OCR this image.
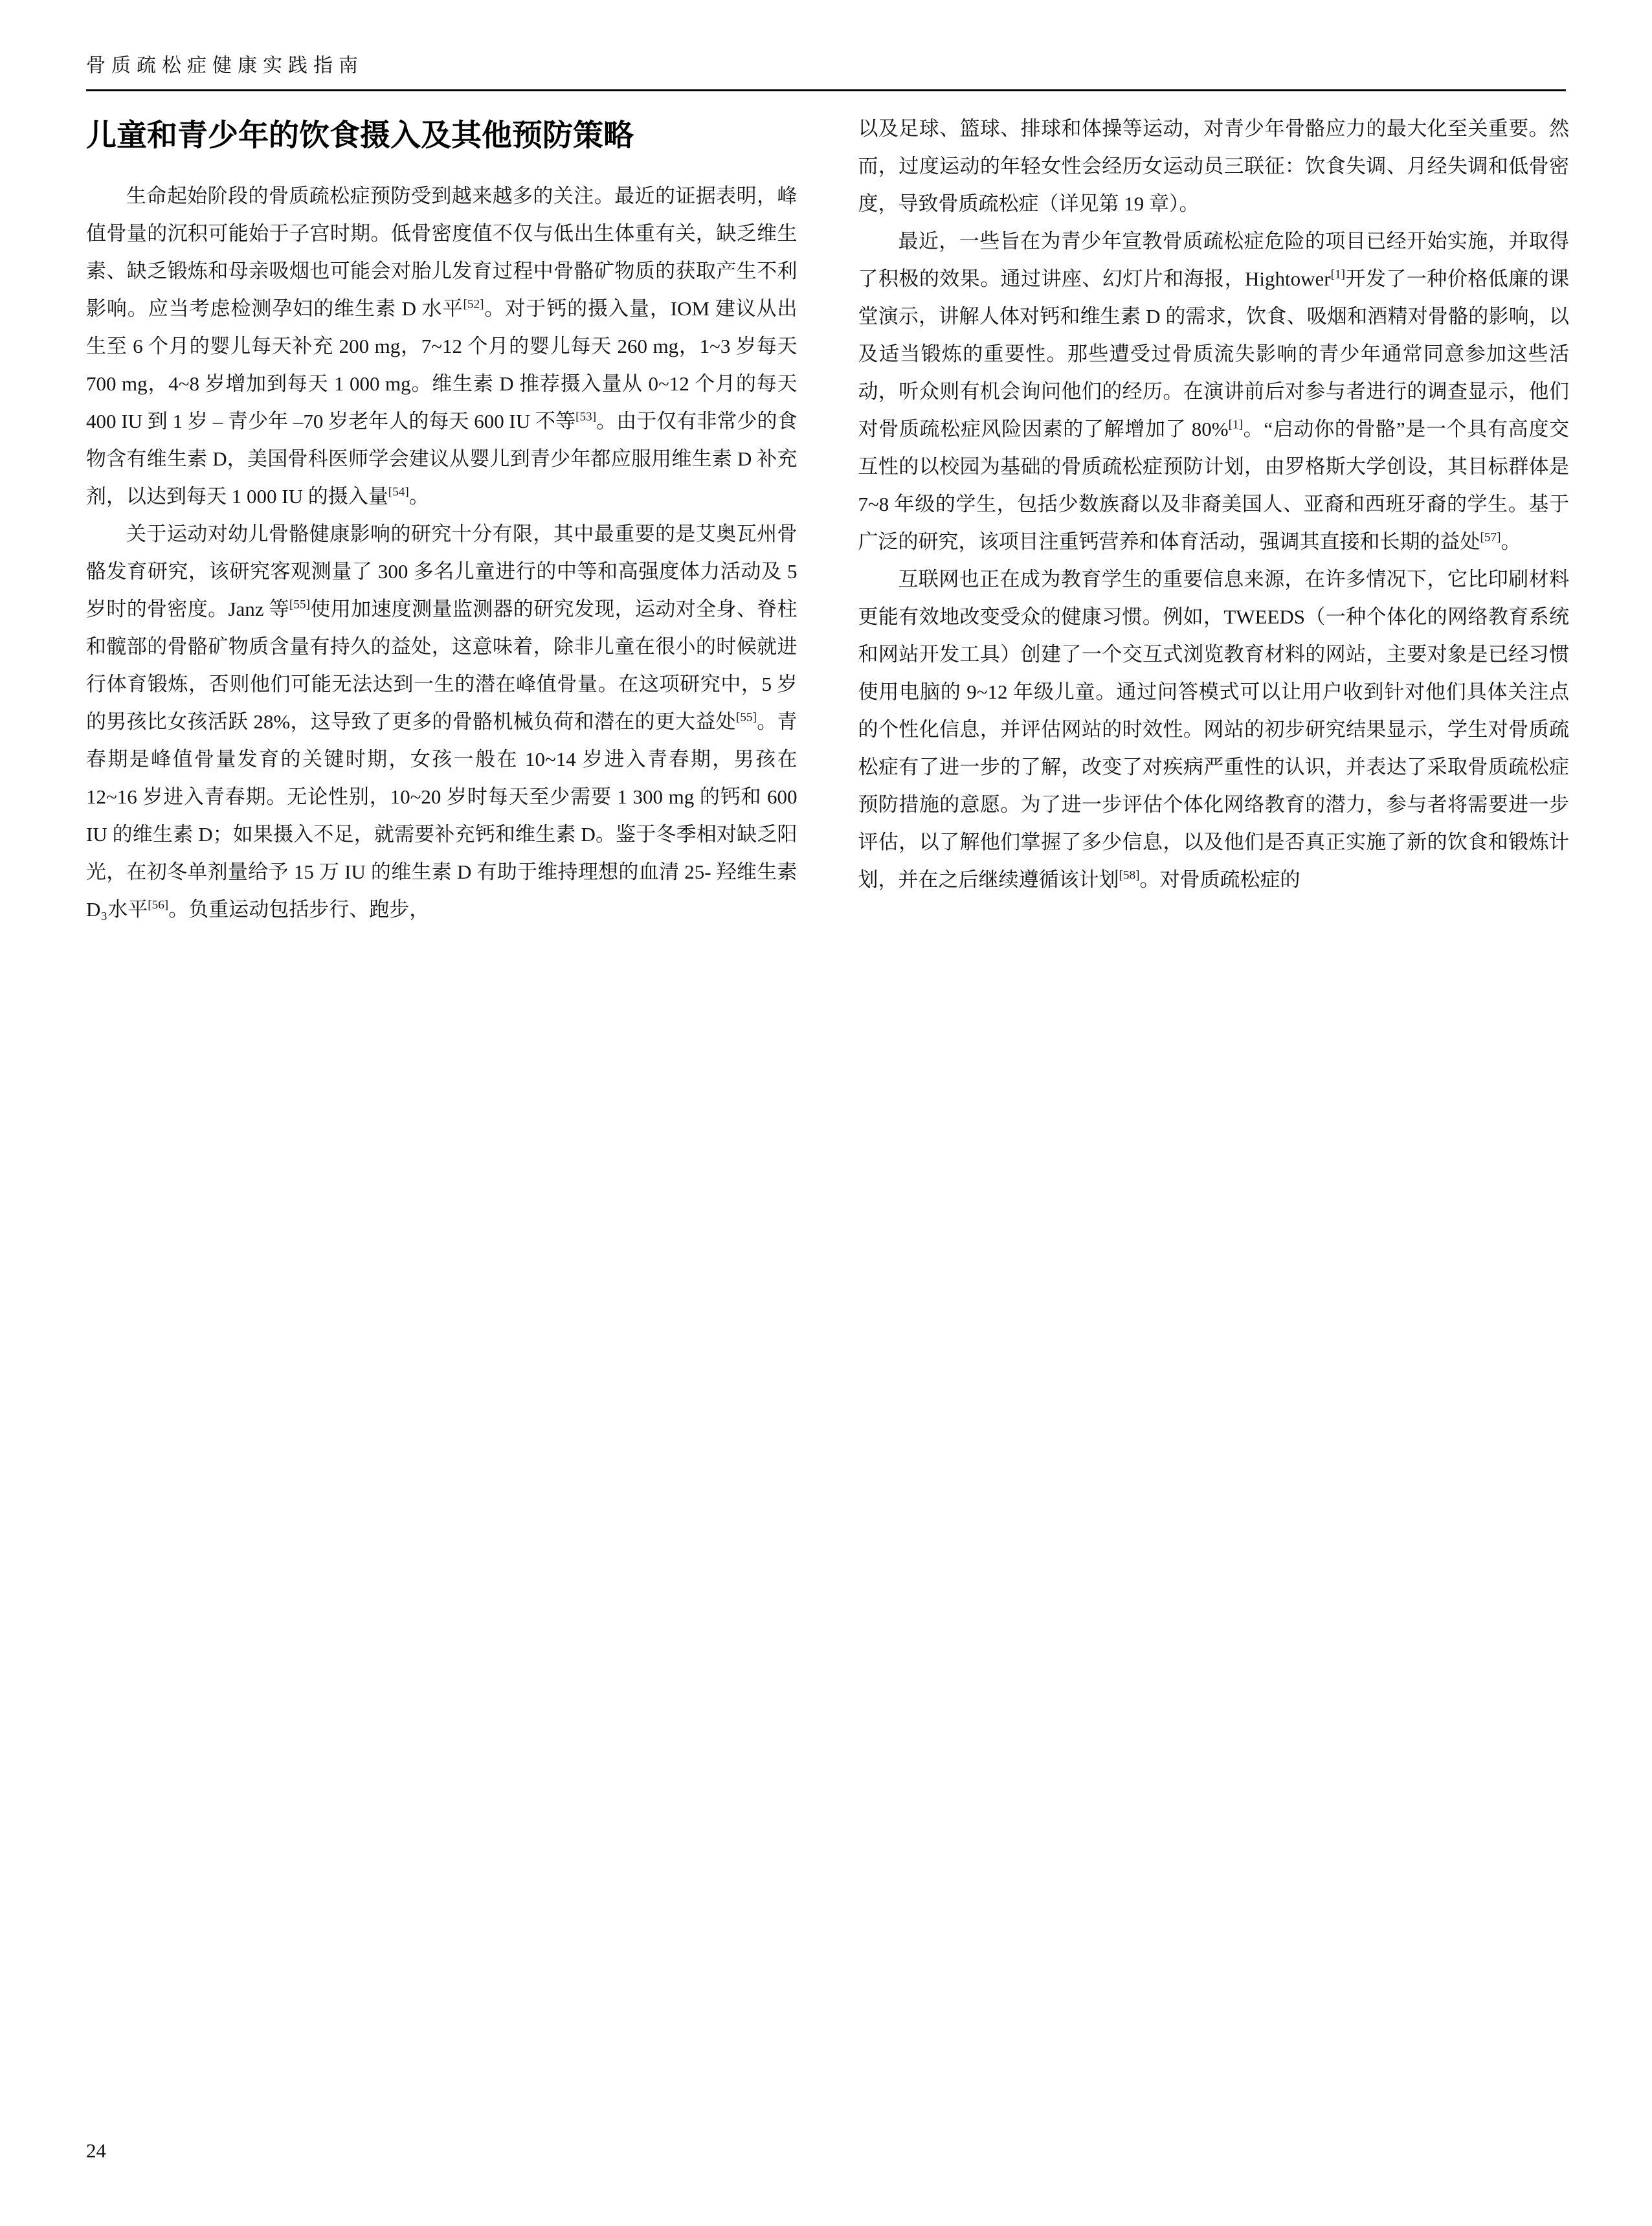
骨质疏松症健康实践指南
儿童和青少年的饮食摄入及其他预防策略

生命起始阶段的骨质疏松症预防受到越来越多的关注。最近的证据表明，峰值骨量的沉积可能始于子宫时期。低骨密度值不仅与低出生体重有关，缺乏维生素、缺乏锻炼和母亲吸烟也可能会对胎儿发育过程中骨骼矿物质的获取产生不利影响。应当考虑检测孕妇的维生素 D 水平[52]。对于钙的摄入量，IOM 建议从出生至 6 个月的婴儿每天补充 200 mg，7~12 个月的婴儿每天 260 mg，1~3 岁每天 700 mg，4~8 岁增加到每天 1 000 mg。维生素 D 推荐摄入量从 0~12 个月的每天 400 IU 到 1 岁 – 青少年 –70 岁老年人的每天 600 IU 不等[53]。由于仅有非常少的食物含有维生素 D，美国骨科医师学会建议从婴儿到青少年都应服用维生素 D 补充剂，以达到每天 1 000 IU 的摄入量[54]。

关于运动对幼儿骨骼健康影响的研究十分有限，其中最重要的是艾奥瓦州骨骼发育研究，该研究客观测量了 300 多名儿童进行的中等和高强度体力活动及 5 岁时的骨密度。Janz 等[55]使用加速度测量监测器的研究发现，运动对全身、脊柱和髋部的骨骼矿物质含量有持久的益处，这意味着，除非儿童在很小的时候就进行体育锻炼，否则他们可能无法达到一生的潜在峰值骨量。在这项研究中，5 岁的男孩比女孩活跃 28%，这导致了更多的骨骼机械负荷和潜在的更大益处[55]。青春期是峰值骨量发育的关键时期，女孩一般在 10~14 岁进入青春期，男孩在 12~16 岁进入青春期。无论性别，10~20 岁时每天至少需要 1 300 mg 的钙和 600 IU 的维生素 D；如果摄入不足，就需要补充钙和维生素 D。鉴于冬季相对缺乏阳光，在初冬单剂量给予 15 万 IU 的维生素 D 有助于维持理想的血清 25- 羟维生素 D₃水平[56]。负重运动包括步行、跑步，

以及足球、篮球、排球和体操等运动，对青少年骨骼应力的最大化至关重要。然而，过度运动的年轻女性会经历女运动员三联征：饮食失调、月经失调和低骨密度，导致骨质疏松症（详见第 19 章）。

最近，一些旨在为青少年宣教骨质疏松症危险的项目已经开始实施，并取得了积极的效果。通过讲座、幻灯片和海报，Hightower[1]开发了一种价格低廉的课堂演示，讲解人体对钙和维生素 D 的需求，饮食、吸烟和酒精对骨骼的影响，以及适当锻炼的重要性。那些遭受过骨质流失影响的青少年通常同意参加这些活动，听众则有机会询问他们的经历。在演讲前后对参与者进行的调查显示，他们对骨质疏松症风险因素的了解增加了 80%[1]。“启动你的骨骼”是一个具有高度交互性的以校园为基础的骨质疏松症预防计划，由罗格斯大学创设，其目标群体是 7~8 年级的学生，包括少数族裔以及非裔美国人、亚裔和西班牙裔的学生。基于广泛的研究，该项目注重钙营养和体育活动，强调其直接和长期的益处[57]。

互联网也正在成为教育学生的重要信息来源，在许多情况下，它比印刷材料更能有效地改变受众的健康习惯。例如，TWEEDS（一种个体化的网络教育系统和网站开发工具）创建了一个交互式浏览教育材料的网站，主要对象是已经习惯使用电脑的 9~12 年级儿童。通过问答模式可以让用户收到针对他们具体关注点的个性化信息，并评估网站的时效性。网站的初步研究结果显示，学生对骨质疏松症有了进一步的了解，改变了对疾病严重性的认识，并表达了采取骨质疏松症预防措施的意愿。为了进一步评估个体化网络教育的潜力，参与者将需要进一步评估，以了解他们掌握了多少信息，以及他们是否真正实施了新的饮食和锻炼计划，并在之后继续遵循该计划[58]。对骨质疏松症的

24
